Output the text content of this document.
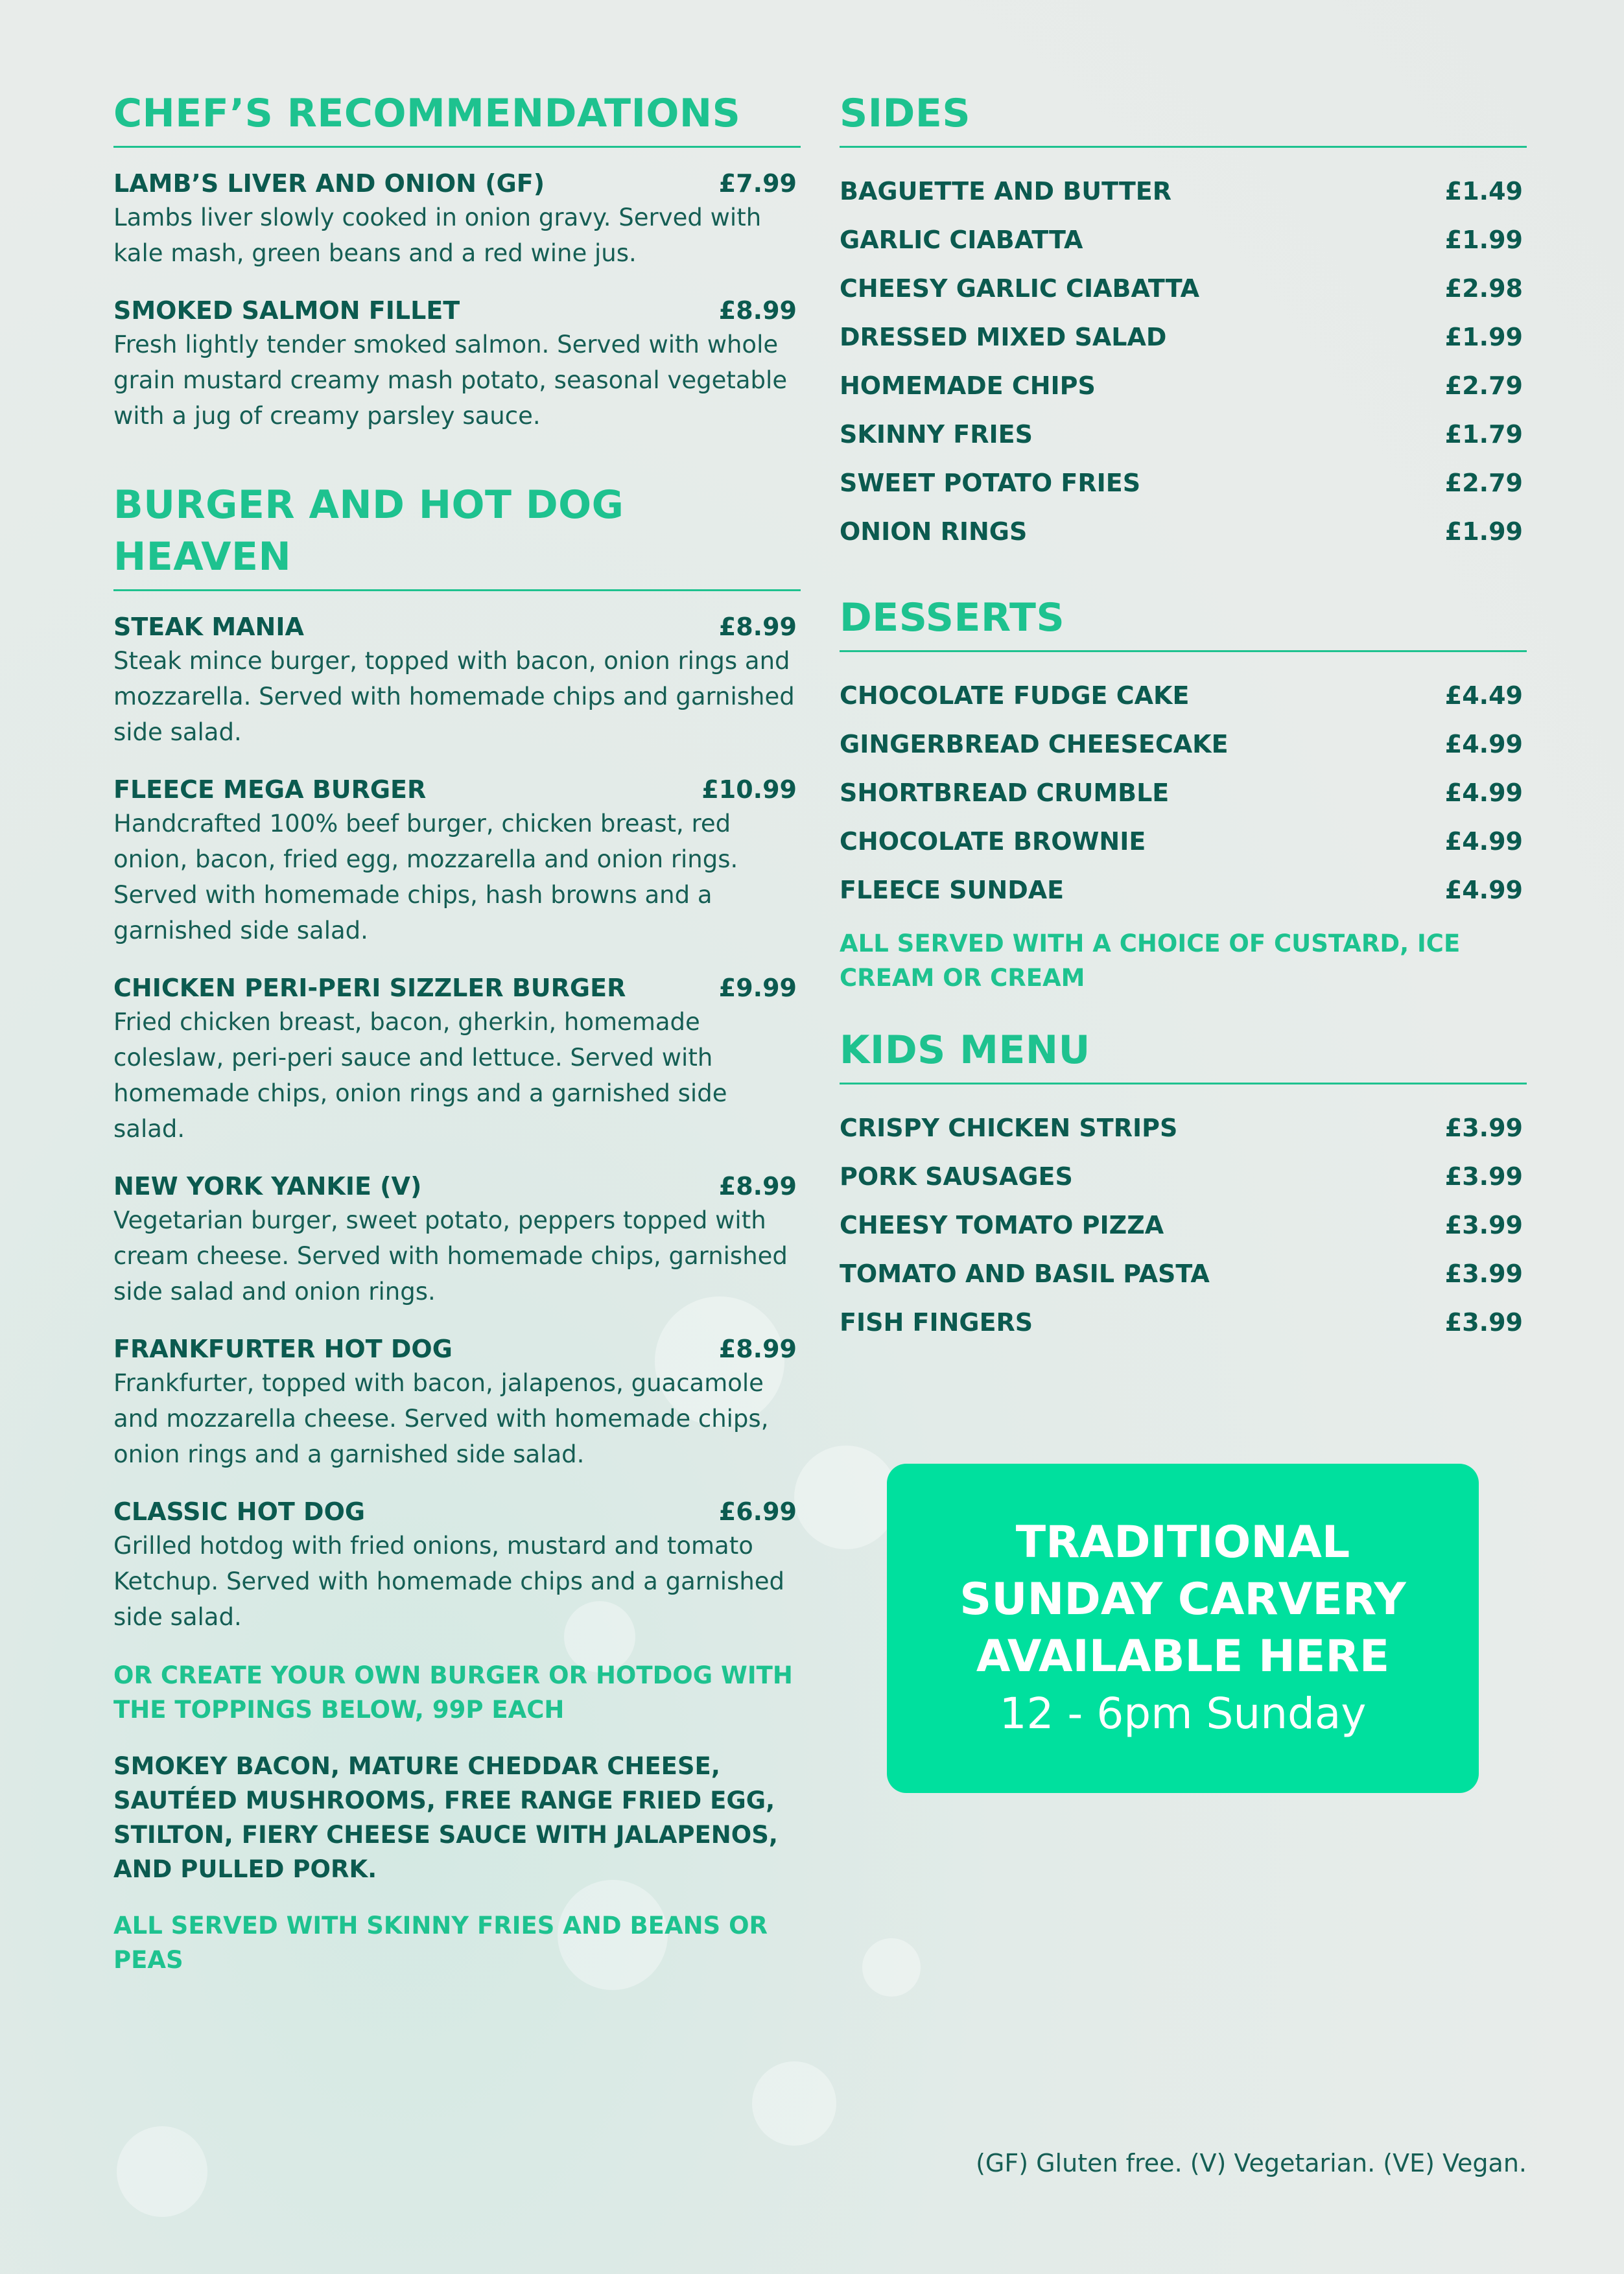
CHEF’S RECOMMENDATIONS
LAMB’S LIVER AND ONION (GF)	£7.99
Lambs liver slowly cooked in onion gravy. Served with kale mash, green beans and a red wine jus.
SMOKED SALMON FILLET	£8.99
Fresh lightly tender smoked salmon. Served with whole grain mustard creamy mash potato, seasonal vegetable with a jug of creamy parsley sauce.
BURGER AND HOT DOG HEAVEN
STEAK MANIA	£8.99
Steak mince burger, topped with bacon, onion rings and mozzarella. Served with homemade chips and garnished side salad.
FLEECE MEGA BURGER	£10.99
Handcrafted 100% beef burger, chicken breast, red onion, bacon, fried egg, mozzarella and onion rings. Served with homemade chips, hash browns and a garnished side salad.
CHICKEN PERI-PERI SIZZLER BURGER	£9.99
Fried chicken breast, bacon, gherkin, homemade coleslaw, peri-peri sauce and lettuce. Served with homemade chips, onion rings and a garnished side salad.
NEW YORK YANKIE (V)	£8.99
Vegetarian burger, sweet potato, peppers topped with cream cheese. Served with homemade chips, garnished side salad and onion rings.
FRANKFURTER HOT DOG	£8.99
Frankfurter, topped with bacon, jalapenos, guacamole and mozzarella cheese. Served with homemade chips, onion rings and a garnished side salad.
CLASSIC HOT DOG	£6.99
Grilled hotdog with fried onions, mustard and tomato Ketchup. Served with homemade chips and a garnished side salad.
OR CREATE YOUR OWN BURGER OR HOTDOG WITH THE TOPPINGS BELOW, 99P EACH
SMOKEY BACON, MATURE CHEDDAR CHEESE, SAUTÉED MUSHROOMS, FREE RANGE FRIED EGG, STILTON, FIERY CHEESE SAUCE WITH JALAPENOS, AND PULLED PORK.
ALL SERVED WITH SKINNY FRIES AND BEANS OR PEAS
SIDES
BAGUETTE AND BUTTER	£1.49
GARLIC CIABATTA	£1.99
CHEESY GARLIC CIABATTA	£2.98
DRESSED MIXED SALAD	£1.99
HOMEMADE CHIPS	£2.79
SKINNY FRIES	£1.79
SWEET POTATO FRIES	£2.79
ONION RINGS	£1.99
DESSERTS
CHOCOLATE FUDGE CAKE	£4.49
GINGERBREAD CHEESECAKE	£4.99
SHORTBREAD CRUMBLE	£4.99
CHOCOLATE BROWNIE	£4.99
FLEECE SUNDAE	£4.99
ALL SERVED WITH A CHOICE OF CUSTARD, ICE CREAM OR CREAM
KIDS MENU
CRISPY CHICKEN STRIPS	£3.99
PORK SAUSAGES	£3.99
CHEESY TOMATO PIZZA	£3.99
TOMATO AND BASIL PASTA	£3.99
FISH FINGERS	£3.99
TRADITIONAL
SUNDAY CARVERY
AVAILABLE HERE
12 - 6pm Sunday
(GF) Gluten free. (V) Vegetarian. (VE) Vegan.
